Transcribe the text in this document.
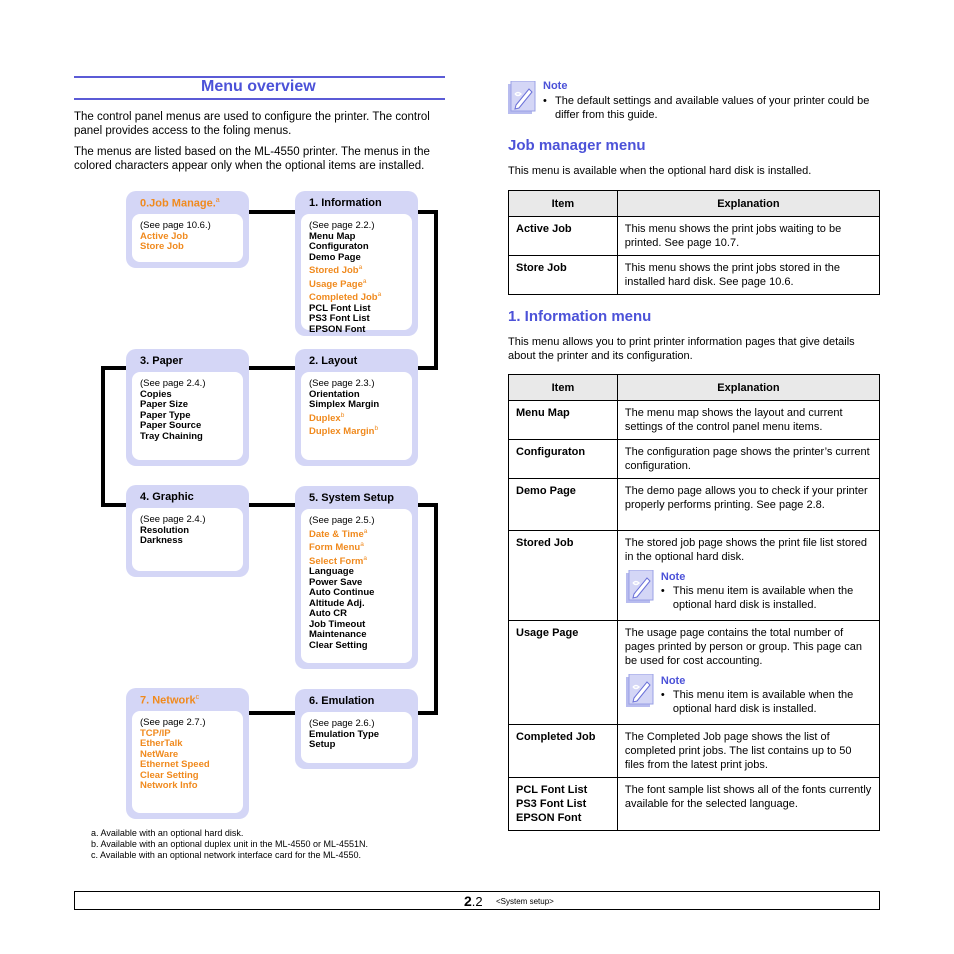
Menu overview
The control panel menus are used to configure the printer. The control panel provides access to the foling menus.
The menus are listed based on the ML-4550 printer. The menus in the colored characters appear only when the optional items are installed.
0.Job Manage.$^a$
(See page 10.6.)
Active Job
Store Job
1. Information
(See page 2.2.)
Menu Map
Configuraton
Demo Page
Stored Job$^a$
Usage Page$^a$
Completed Job$^a$
PCL Font List
PS3 Font List
EPSON Font
3. Paper
(See page 2.4.)
Copies
Paper Size
Paper Type
Paper Source
Tray Chaining
2. Layout
(See page 2.3.)
Orientation
Simplex Margin
Duplex$^b$
Duplex Margin$^b$
4. Graphic
(See page 2.4.)
Resolution
Darkness
5. System Setup
(See page 2.5.)
Date & Time$^a$
Form Menu$^a$
Select Form$^a$
Language
Power Save
Auto Continue
Altitude Adj.
Auto CR
Job Timeout
Maintenance
Clear Setting
7. Network$^c$
(See page 2.7.)
TCP/IP
EtherTalk
NetWare
Ethernet Speed
Clear Setting
Network Info
6. Emulation
(See page 2.6.)
Emulation Type
Setup
a. Available with an optional hard disk.
b. Available with an optional duplex unit in the ML-4550 or ML-4551N.
c. Available with an optional network interface card for the ML-4550.
Note
• The default settings and available values of your printer could be differ from this guide.
Job manager menu
This menu is available when the optional hard disk is installed.
Item	Explanation
Active Job	This menu shows the print jobs waiting to be printed. See page 10.7.
Store Job	This menu shows the print jobs stored in the installed hard disk. See page 10.6.
1. Information menu
This menu allows you to print printer information pages that give details about the printer and its configuration.
Item	Explanation
Menu Map	The menu map shows the layout and current settings of the control panel menu items.
Configuraton	The configuration page shows the printer’s current configuration.
Demo Page	The demo page allows you to check if your printer properly performs printing. See page 2.8.
Stored Job	The stored job page shows the print file list stored in the optional hard disk.
Note
• This menu item is available when the optional hard disk is installed.

Usage Page	The usage page contains the total number of pages printed by person or group. This page can be used for cost accounting.
Note
• This menu item is available when the optional hard disk is installed.

Completed Job	The Completed Job page shows the list of completed print jobs. The list contains up to 50 files from the latest print jobs.

PCL Font List
PS3 Font List
EPSON Font	The font sample list shows all of the fonts currently available for the selected language.
2.2 <System setup>
